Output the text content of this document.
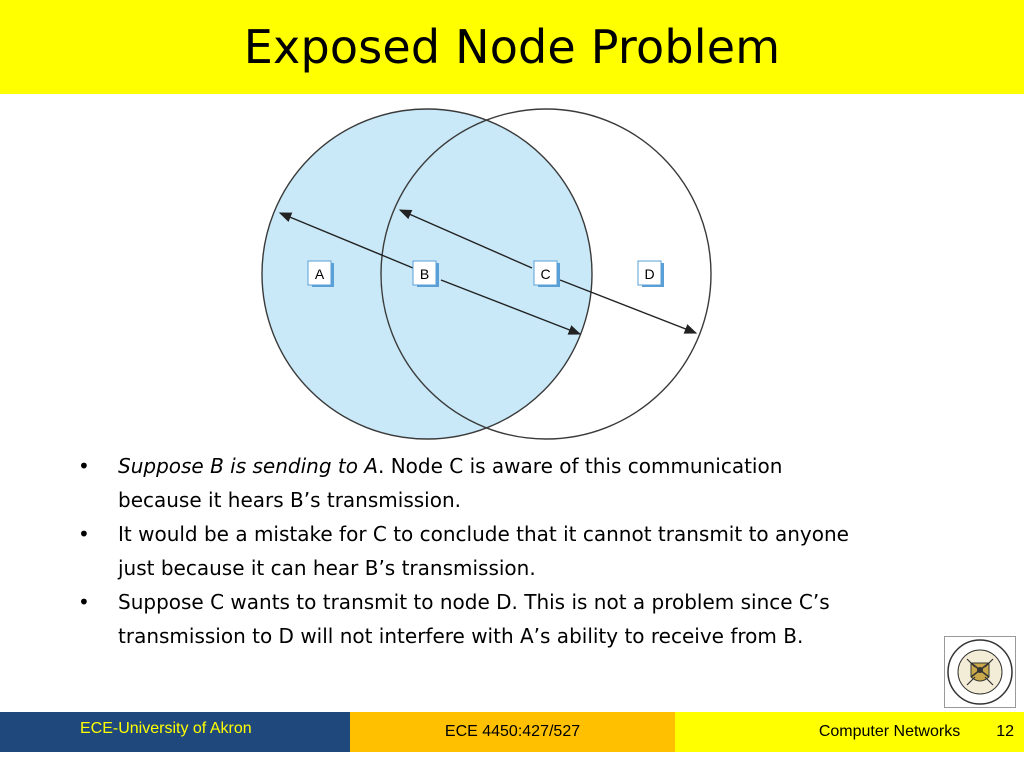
Exposed Node Problem
A	B	C	D
• Suppose B is sending to A. Node C is aware of this communication because it hears B’s transmission.
• It would be a mistake for C to conclude that it cannot transmit to anyone just because it can hear B’s transmission.
• Suppose C wants to transmit to node D. This is not a problem since C’s transmission to D will not interfere with A’s ability to receive from B.
ECE-University of Akron	ECE 4450:427/527	Computer Networks 12
